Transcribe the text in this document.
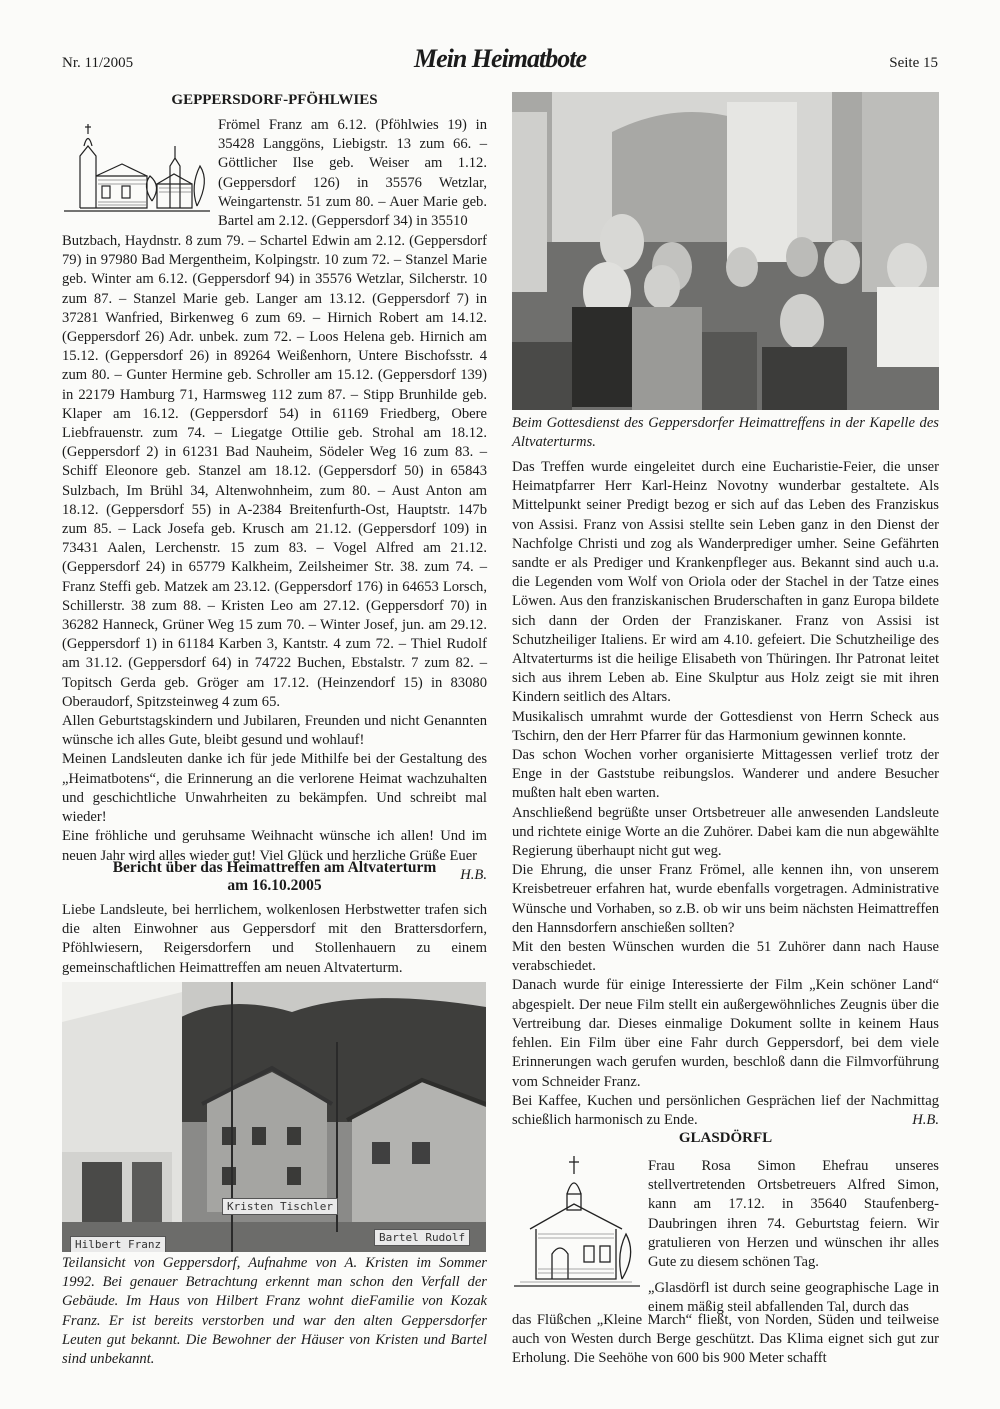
Nr. 11/2005	Mein Heimatbote	Seite 15
GEPPERSDORF-PFÖHLWIES

Frömel Franz am 6.12. (Pföhlwies 19) in 35428 Langgöns, Liebigstr. 13 zum 66. – Göttlicher Ilse geb. Weiser am 1.12. (Geppersdorf 126) in 35576 Wetzlar, Weingartenstr. 51 zum 80. – Auer Marie geb. Bartel am 2.12. (Geppersdorf 34) in 35510

Butzbach, Haydnstr. 8 zum 79. – Schartel Edwin am 2.12. (Geppersdorf 79) in 97980 Bad Mergentheim, Kolpingstr. 10 zum 72. – Stanzel Marie geb. Winter am 6.12. (Geppersdorf 94) in 35576 Wetzlar, Silcherstr. 10 zum 87. – Stanzel Marie geb. Langer am 13.12. (Geppersdorf 7) in 37281 Wanfried, Birkenweg 6 zum 69. – Hirnich Robert am 14.12. (Geppersdorf 26) Adr. unbek. zum 72. – Loos Helena geb. Hirnich am 15.12. (Geppersdorf 26) in 89264 Weißenhorn, Untere Bischofsstr. 4 zum 80. – Gunter Hermine geb. Schroller am 15.12. (Geppersdorf 139) in 22179 Hamburg 71, Harmsweg 112 zum 87. – Stipp Brunhilde geb. Klaper am 16.12. (Geppersdorf 54) in 61169 Friedberg, Obere Liebfrauenstr. zum 74. – Liegatge Ottilie geb. Strohal am 18.12. (Geppersdorf 2) in 61231 Bad Nauheim, Södeler Weg 16 zum 83. – Schiff Eleonore geb. Stanzel am 18.12. (Geppersdorf 50) in 65843 Sulzbach, Im Brühl 34, Altenwohnheim, zum 80. – Aust Anton am 18.12. (Geppersdorf 55) in A-2384 Breitenfurth-Ost, Hauptstr. 147b zum 85. – Lack Josefa geb. Krusch am 21.12. (Geppersdorf 109) in 73431 Aalen, Lerchenstr. 15 zum 83. – Vogel Alfred am 21.12. (Geppersdorf 24) in 65779 Kalkheim, Zeilsheimer Str. 38. zum 74. – Franz Steffi geb. Matzek am 23.12. (Geppersdorf 176) in 64653 Lorsch, Schillerstr. 38 zum 88. – Kristen Leo am 27.12. (Geppersdorf 70) in 36282 Hanneck, Grüner Weg 15 zum 70. – Winter Josef, jun. am 29.12. (Geppersdorf 1) in 61184 Karben 3, Kantstr. 4 zum 72. – Thiel Rudolf am 31.12. (Geppersdorf 64) in 74722 Buchen, Ebstalstr. 7 zum 82. – Topitsch Gerda geb. Gröger am 17.12. (Heinzendorf 15) in 83080 Oberaudorf, Spitzsteinweg 4 zum 65.

Allen Geburtstagskindern und Jubilaren, Freunden und nicht Genannten wünsche ich alles Gute, bleibt gesund und wohlauf!

Meinen Landsleuten danke ich für jede Mithilfe bei der Gestaltung des „Heimatbotens“, die Erinnerung an die verlorene Heimat wachzuhalten und geschichtliche Unwahrheiten zu bekämpfen. Und schreibt mal wieder!

Eine fröhliche und geruhsame Weihnacht wünsche ich allen! Und im neuen Jahr wird alles wieder gut! Viel Glück und herzliche Grüße Euer
H.B.

Bericht über das Heimattreffen am Altvaterturm
am 16.10.2005

Liebe Landsleute, bei herrlichem, wolkenlosen Herbstwetter trafen sich die alten Einwohner aus Geppersdorf mit den Brattersdorfern, Pföhlwiesern, Reigersdorfern und Stollenhauern zu einem gemeinschaftlichen Heimattreffen am neuen Altvaterturm.

Kristen Tischler
Bartel Rudolf
Hilbert Franz
Teilansicht von Geppersdorf, Aufnahme von A. Kristen im Sommer 1992. Bei genauer Betrachtung erkennt man schon den Verfall der Gebäude. Im Haus von Hilbert Franz wohnt dieFamilie von Kozak Franz. Er ist bereits verstorben und war den alten Geppersdorfer Leuten gut bekannt. Die Bewohner der Häuser von Kristen und Bartel sind unbekannt.
Beim Gottesdienst des Geppersdorfer Heimattreffens in der Kapelle des Altvaterturms.

Das Treffen wurde eingeleitet durch eine Eucharistie-Feier, die unser Heimatpfarrer Herr Karl-Heinz Novotny wunderbar gestaltete. Als Mittelpunkt seiner Predigt bezog er sich auf das Leben des Franziskus von Assisi. Franz von Assisi stellte sein Leben ganz in den Dienst der Nachfolge Christi und zog als Wanderprediger umher. Seine Gefährten sandte er als Prediger und Krankenpfleger aus. Bekannt sind auch u.a. die Legenden vom Wolf von Oriola oder der Stachel in der Tatze eines Löwen. Aus den franziskanischen Bruderschaften in ganz Europa bildete sich dann der Orden der Franziskaner. Franz von Assisi ist Schutzheiliger Italiens. Er wird am 4.10. gefeiert. Die Schutzheilige des Altvaterturms ist die heilige Elisabeth von Thüringen. Ihr Patronat leitet sich aus ihrem Leben ab. Eine Skulptur aus Holz zeigt sie mit ihren Kindern seitlich des Altars.

Musikalisch umrahmt wurde der Gottesdienst von Herrn Scheck aus Tschirn, den der Herr Pfarrer für das Harmonium gewinnen konnte.

Das schon Wochen vorher organisierte Mittagessen verlief trotz der Enge in der Gaststube reibungslos. Wanderer und andere Besucher mußten halt eben warten.

Anschließend begrüßte unser Ortsbetreuer alle anwesenden Landsleute und richtete einige Worte an die Zuhörer. Dabei kam die nun abgewählte Regierung überhaupt nicht gut weg.

Die Ehrung, die unser Franz Frömel, alle kennen ihn, von unserem Kreisbetreuer erfahren hat, wurde ebenfalls vorgetragen. Administrative Wünsche und Vorhaben, so z.B. ob wir uns beim nächsten Heimattreffen den Hannsdorfern anschießen sollten?

Mit den besten Wünschen wurden die 51 Zuhörer dann nach Hause verabschiedet.

Danach wurde für einige Interessierte der Film „Kein schöner Land“ abgespielt. Der neue Film stellt ein außergewöhnliches Zeugnis über die Vertreibung dar. Dieses einmalige Dokument sollte in keinem Haus fehlen. Ein Film über eine Fahr durch Geppersdorf, bei dem viele Erinnerungen wach gerufen wurden, beschloß dann die Filmvorführung vom Schneider Franz.

Bei Kaffee, Kuchen und persönlichen Gesprächen lief der Nachmittag schießlich harmonisch zu Ende.	H.B.

GLASDÖRFL

Frau Rosa Simon Ehefrau unseres stellvertretenden Ortsbetreuers Alfred Simon, kann am 17.12. in 35640 Staufenberg-Daubringen ihren 74. Geburtstag feiern. Wir gratulieren von Herzen und wünschen ihr alles Gute zu diesem schönen Tag.

„Glasdörfl ist durch seine geographische Lage in einem mäßig steil abfallenden Tal, durch das

das Flüßchen „Kleine March“ fließt, von Norden, Süden und teilweise auch von Westen durch Berge geschützt. Das Klima eignet sich gut zur Erholung. Die Seehöhe von 600 bis 900 Meter schafft
